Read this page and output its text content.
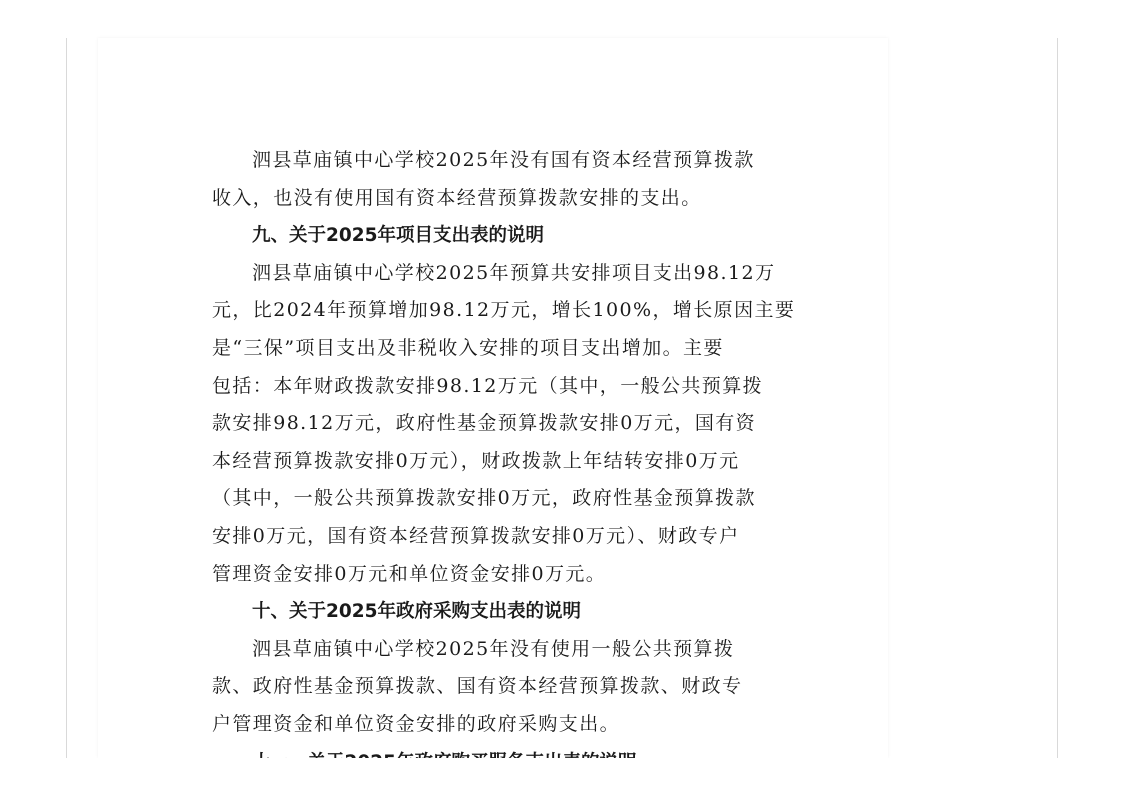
泗县草庙镇中心学校2025年没有国有资本经营预算拨款
收入，也没有使用国有资本经营预算拨款安排的支出。
九、关于2025年项目支出表的说明
泗县草庙镇中心学校2025年预算共安排项目支出98.12万
元，比2024年预算增加98.12万元，增长100%，增长原因主要
是“三保”项目支出及非税收入安排的项目支出增加。主要
包括：本年财政拨款安排98.12万元（其中，一般公共预算拨
款安排98.12万元，政府性基金预算拨款安排0万元，国有资
本经营预算拨款安排0万元），财政拨款上年结转安排0万元
（其中，一般公共预算拨款安排0万元，政府性基金预算拨款
安排0万元，国有资本经营预算拨款安排0万元）、财政专户
管理资金安排0万元和单位资金安排0万元。
十、关于2025年政府采购支出表的说明
泗县草庙镇中心学校2025年没有使用一般公共预算拨
款、政府性基金预算拨款、国有资本经营预算拨款、财政专
户管理资金和单位资金安排的政府采购支出。
